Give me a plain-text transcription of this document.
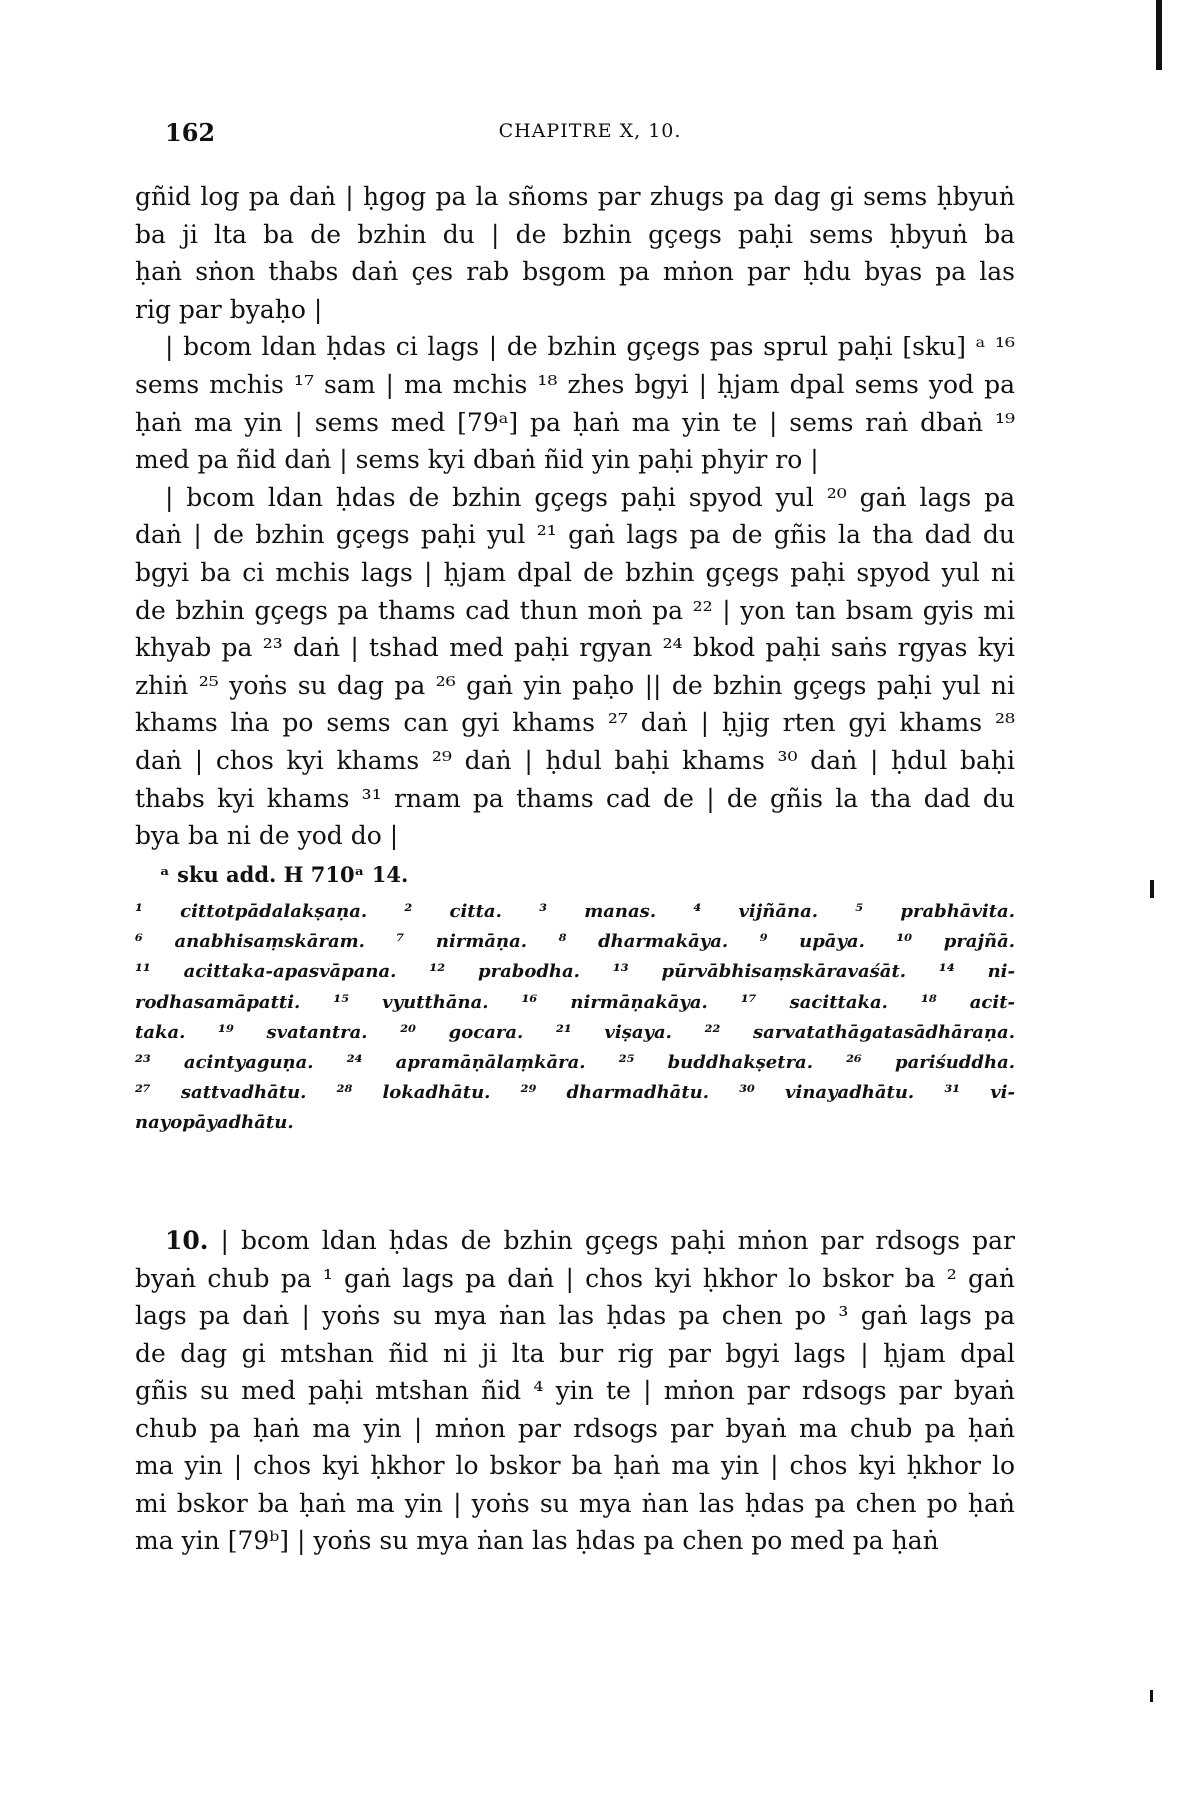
162	CHAPITRE X, 10.
gñid log pa daṅ | ḥgog pa la sñoms par zhugs pa dag gi sems ḥbyuṅ
ba ji lta ba de bzhin du | de bzhin gçegs paḥi sems ḥbyuṅ ba
ḥaṅ sṅon thabs daṅ çes rab bsgom pa mṅon par ḥdu byas pa las
rig par byaḥo |
| bcom ldan ḥdas ci lags | de bzhin gçegs pas sprul paḥi [sku] ᵃ ¹⁶
sems mchis ¹⁷ sam | ma mchis ¹⁸ zhes bgyi | ḥjam dpal sems yod pa
ḥaṅ ma yin | sems med [79ᵃ] pa ḥaṅ ma yin te | sems raṅ dbaṅ ¹⁹
med pa ñid daṅ | sems kyi dbaṅ ñid yin paḥi phyir ro |
| bcom ldan ḥdas de bzhin gçegs paḥi spyod yul ²⁰ gaṅ lags pa
daṅ | de bzhin gçegs paḥi yul ²¹ gaṅ lags pa de gñis la tha dad du
bgyi ba ci mchis lags | ḥjam dpal de bzhin gçegs paḥi spyod yul ni
de bzhin gçegs pa thams cad thun moṅ pa ²² | yon tan bsam gyis mi
khyab pa ²³ daṅ | tshad med paḥi rgyan ²⁴ bkod paḥi saṅs rgyas kyi
zhiṅ ²⁵ yoṅs su dag pa ²⁶ gaṅ yin paḥo || de bzhin gçegs paḥi yul ni
khams lṅa po sems can gyi khams ²⁷ daṅ | ḥjig rten gyi khams ²⁸
daṅ | chos kyi khams ²⁹ daṅ | ḥdul baḥi khams ³⁰ daṅ | ḥdul baḥi
thabs kyi khams ³¹ rnam pa thams cad de | de gñis la tha dad du
bya ba ni de yod do |
ᵃ sku add. H 710ᵃ 14.
¹ cittotpādalakṣaṇa. ² citta. ³ manas. ⁴ vijñāna. ⁵ prabhāvita.
⁶ anabhisaṃskāram. ⁷ nirmāṇa. ⁸ dharmakāya. ⁹ upāya. ¹⁰ prajñā.
¹¹ acittaka-apasvāpana. ¹² prabodha. ¹³ pūrvābhisaṃskāravaśāt. ¹⁴ ni-
rodhasamāpatti. ¹⁵ vyutthāna. ¹⁶ nirmāṇakāya. ¹⁷ sacittaka. ¹⁸ acit-
taka. ¹⁹ svatantra. ²⁰ gocara. ²¹ viṣaya. ²² sarvatathāgatasādhāraṇa.
²³ acintyaguṇa. ²⁴ apramāṇālaṃkāra. ²⁵ buddhakṣetra. ²⁶ pariśuddha.
²⁷ sattvadhātu. ²⁸ lokadhātu. ²⁹ dharmadhātu. ³⁰ vinayadhātu. ³¹ vi-
nayopāyadhātu.
10. | bcom ldan ḥdas de bzhin gçegs paḥi mṅon par rdsogs par
byaṅ chub pa ¹ gaṅ lags pa daṅ | chos kyi ḥkhor lo bskor ba ² gaṅ
lags pa daṅ | yoṅs su mya ṅan las ḥdas pa chen po ³ gaṅ lags pa
de dag gi mtshan ñid ni ji lta bur rig par bgyi lags | ḥjam dpal
gñis su med paḥi mtshan ñid ⁴ yin te | mṅon par rdsogs par byaṅ
chub pa ḥaṅ ma yin | mṅon par rdsogs par byaṅ ma chub pa ḥaṅ
ma yin | chos kyi ḥkhor lo bskor ba ḥaṅ ma yin | chos kyi ḥkhor lo
mi bskor ba ḥaṅ ma yin | yoṅs su mya ṅan las ḥdas pa chen po ḥaṅ
ma yin [79ᵇ] | yoṅs su mya ṅan las ḥdas pa chen po med pa ḥaṅ
